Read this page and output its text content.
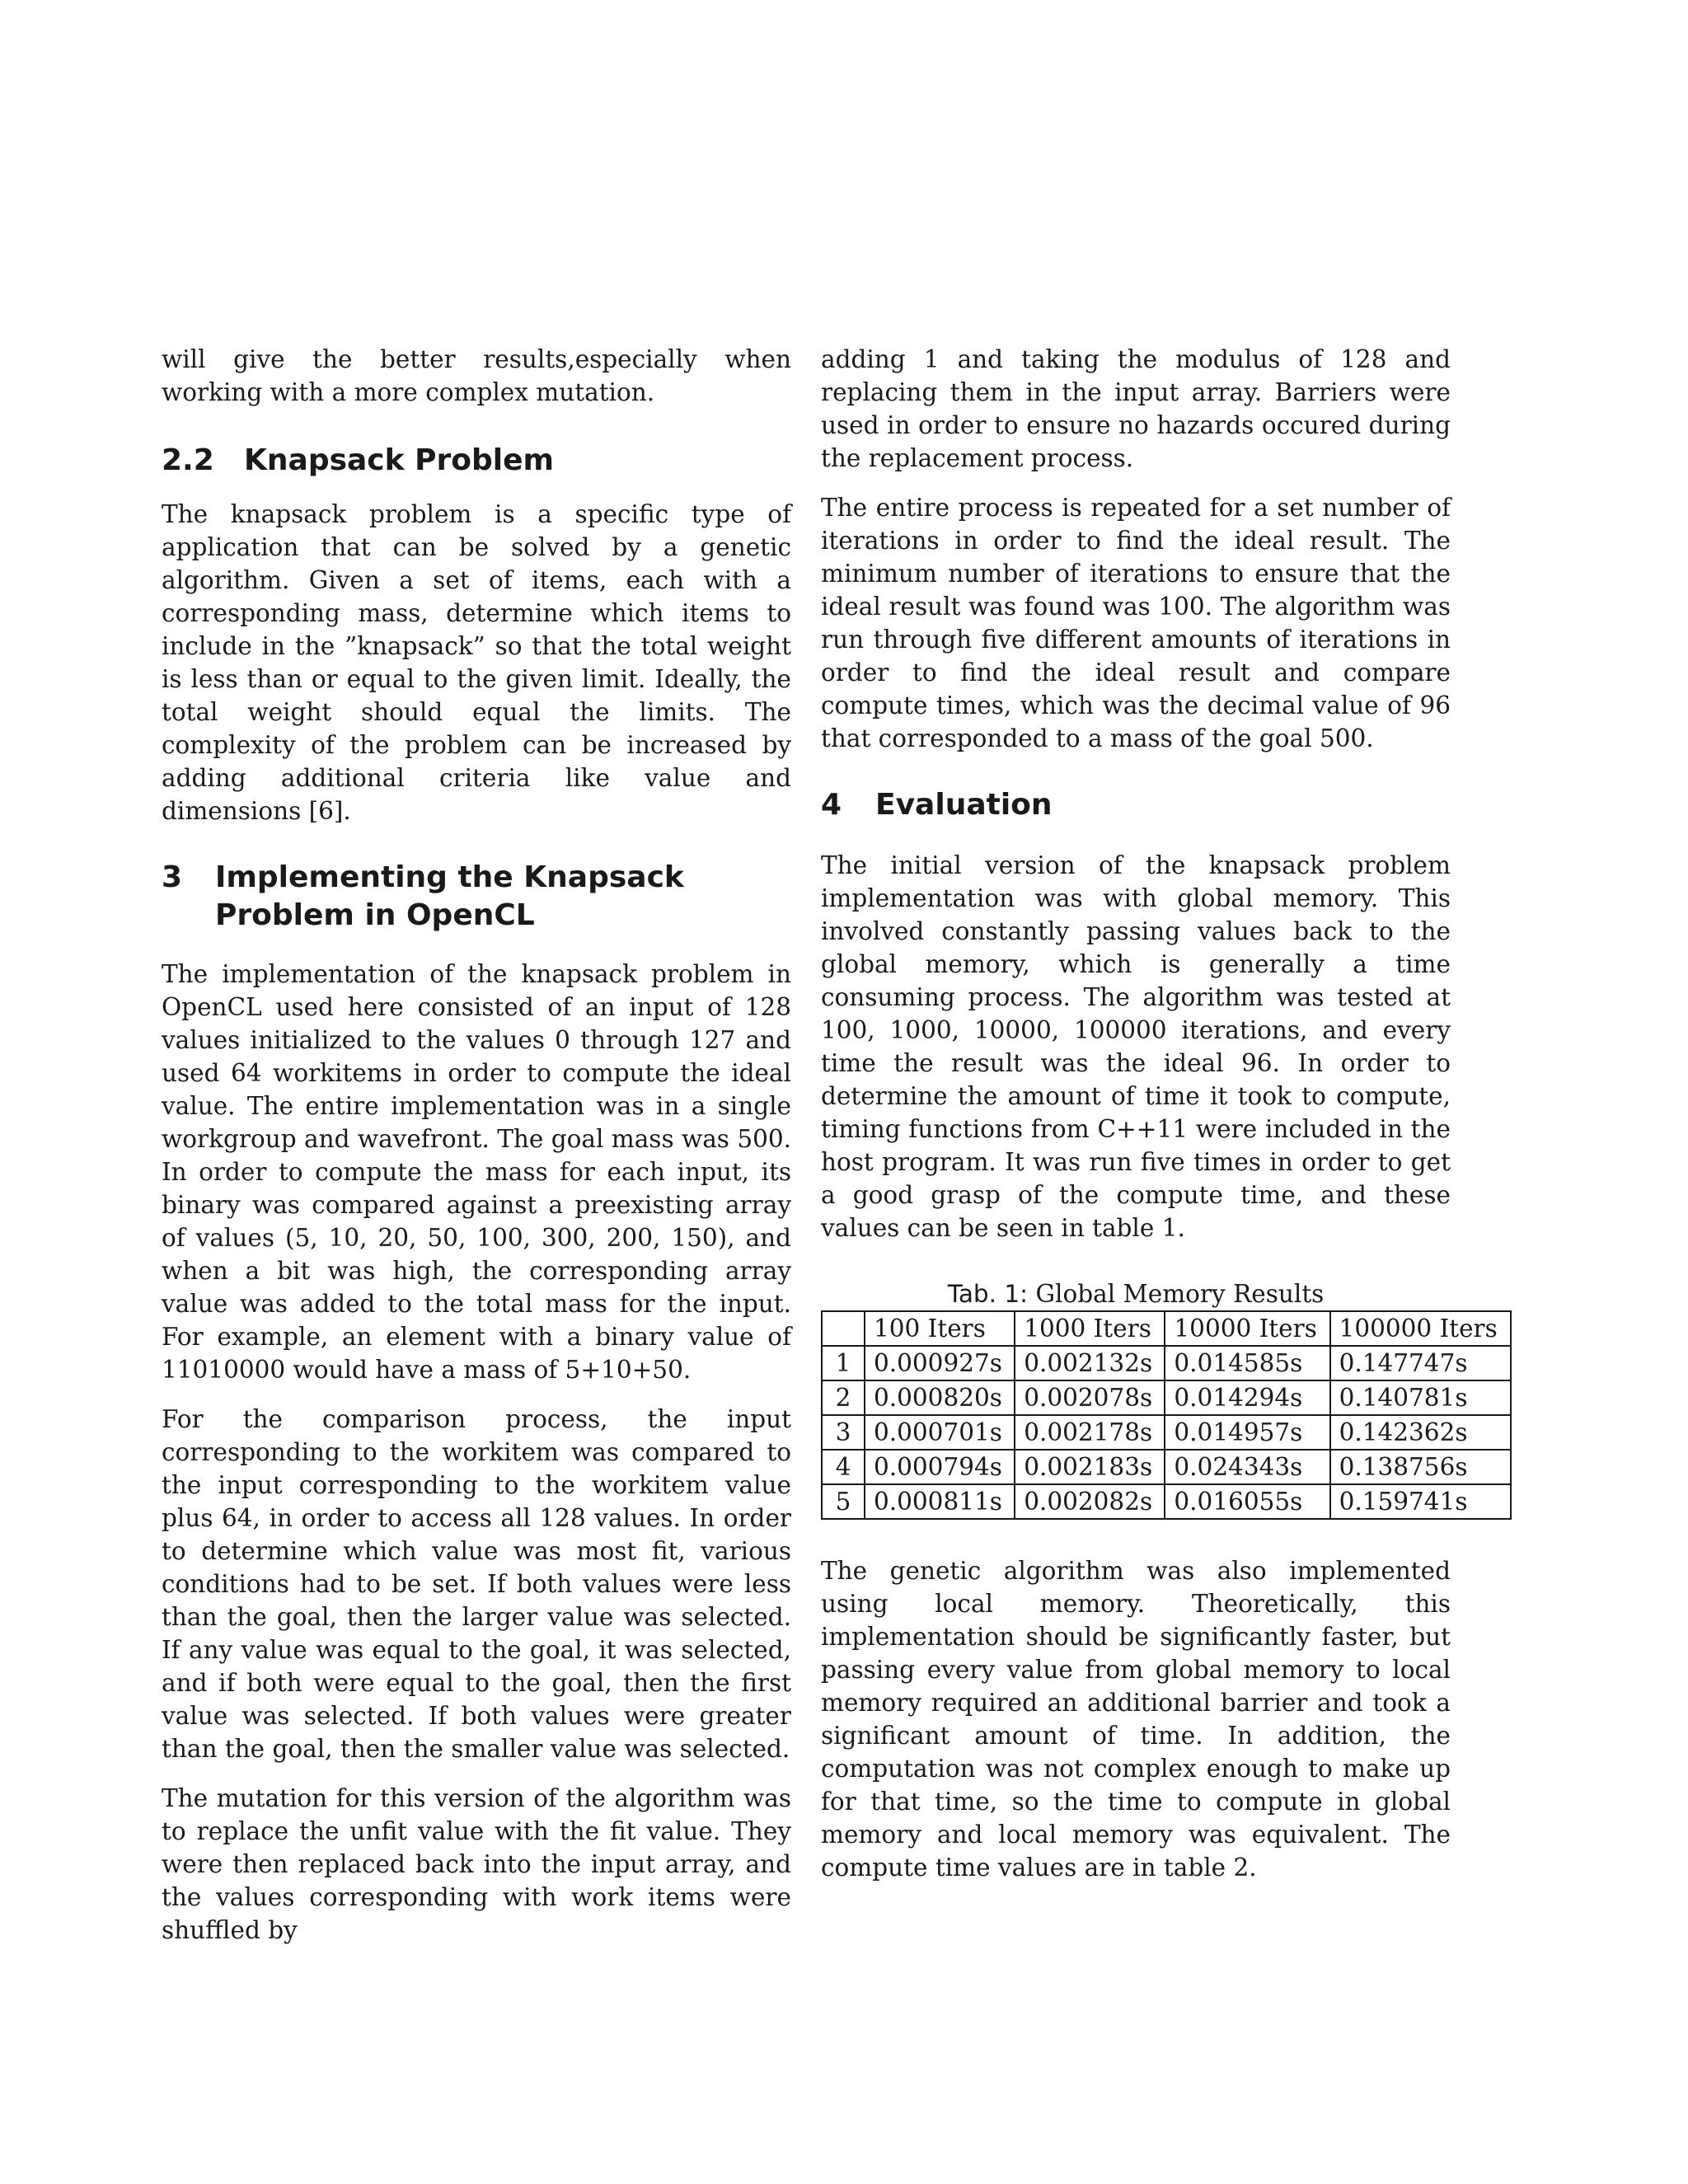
will give the better results,especially when working with a more complex mutation.

2.2	Knapsack Problem

The knapsack problem is a specific type of application that can be solved by a genetic algorithm. Given a set of items, each with a corresponding mass, determine which items to include in the ”knapsack” so that the total weight is less than or equal to the given limit. Ideally, the total weight should equal the limits. The complexity of the problem can be increased by adding additional criteria like value and dimensions [6].

3	Implementing the Knapsack Problem in OpenCL

The implementation of the knapsack problem in OpenCL used here consisted of an input of 128 values initialized to the values 0 through 127 and used 64 workitems in order to compute the ideal value. The entire implementation was in a single workgroup and wavefront. The goal mass was 500. In order to compute the mass for each input, its binary was compared against a preexisting array of values (5, 10, 20, 50, 100, 300, 200, 150), and when a bit was high, the corresponding array value was added to the total mass for the input. For example, an element with a binary value of 11010000 would have a mass of 5+10+50.

For the comparison process, the input corresponding to the workitem was compared to the input corresponding to the workitem value plus 64, in order to access all 128 values. In order to determine which value was most fit, various conditions had to be set. If both values were less than the goal, then the larger value was selected. If any value was equal to the goal, it was selected, and if both were equal to the goal, then the first value was selected. If both values were greater than the goal, then the smaller value was selected.

The mutation for this version of the algorithm was to replace the unfit value with the fit value. They were then replaced back into the input array, and the values corresponding with work items were shuffled by

adding 1 and taking the modulus of 128 and replacing them in the input array. Barriers were used in order to ensure no hazards occured during the replacement process.

The entire process is repeated for a set number of iterations in order to find the ideal result. The minimum number of iterations to ensure that the ideal result was found was 100. The algorithm was run through five different amounts of iterations in order to find the ideal result and compare compute times, which was the decimal value of 96 that corresponded to a mass of the goal 500.

4	Evaluation

The initial version of the knapsack problem implementation was with global memory. This involved constantly passing values back to the global memory, which is generally a time consuming process. The algorithm was tested at 100, 1000, 10000, 100000 iterations, and every time the result was the ideal 96. In order to determine the amount of time it took to compute, timing functions from C++11 were included in the host program. It was run five times in order to get a good grasp of the compute time, and these values can be seen in table 1.

Tab. 1: Global Memory Results
	100 Iters	1000 Iters	10000 Iters	100000 Iters
1	0.000927s	0.002132s	0.014585s	0.147747s
2	0.000820s	0.002078s	0.014294s	0.140781s
3	0.000701s	0.002178s	0.014957s	0.142362s
4	0.000794s	0.002183s	0.024343s	0.138756s
5	0.000811s	0.002082s	0.016055s	0.159741s

The genetic algorithm was also implemented using local memory. Theoretically, this implementation should be significantly faster, but passing every value from global memory to local memory required an additional barrier and took a significant amount of time. In addition, the computation was not complex enough to make up for that time, so the time to compute in global memory and local memory was equivalent. The compute time values are in table 2.
